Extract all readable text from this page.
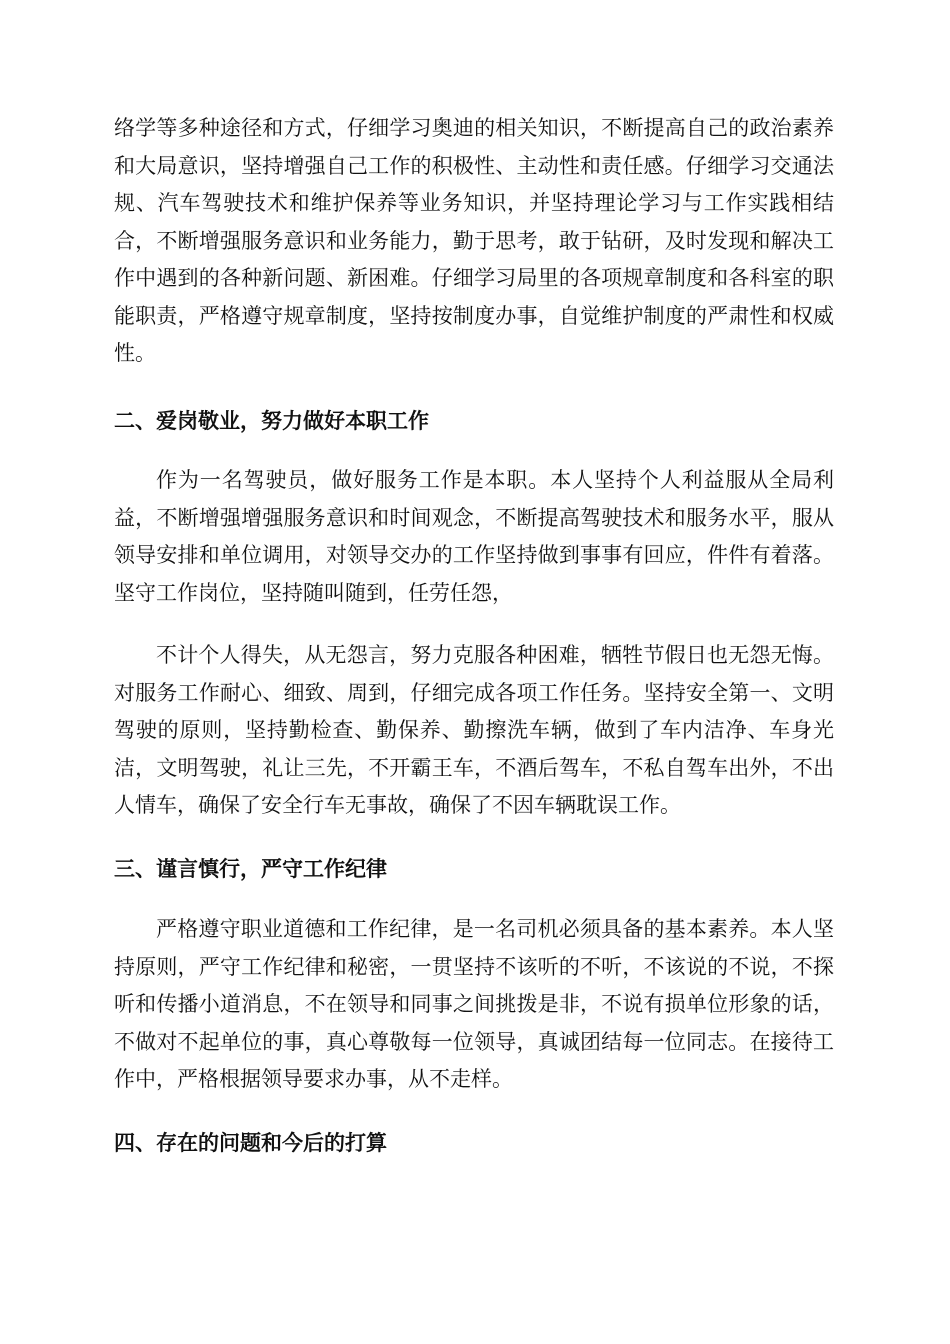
络学等多种途径和方式，仔细学习奥迪的相关知识，不断提高自己的政治素养和大局意识，坚持增强自己工作的积极性、主动性和责任感。仔细学习交通法规、汽车驾驶技术和维护保养等业务知识，并坚持理论学习与工作实践相结合，不断增强服务意识和业务能力，勤于思考，敢于钻研，及时发现和解决工作中遇到的各种新问题、新困难。仔细学习局里的各项规章制度和各科室的职能职责，严格遵守规章制度，坚持按制度办事，自觉维护制度的严肃性和权威性。

二、爱岗敬业，努力做好本职工作

作为一名驾驶员，做好服务工作是本职。本人坚持个人利益服从全局利益，不断增强增强服务意识和时间观念，不断提高驾驶技术和服务水平，服从领导安排和单位调用，对领导交办的工作坚持做到事事有回应，件件有着落。坚守工作岗位，坚持随叫随到，任劳任怨，

不计个人得失，从无怨言，努力克服各种困难，牺牲节假日也无怨无悔。对服务工作耐心、细致、周到，仔细完成各项工作任务。坚持安全第一、文明驾驶的原则，坚持勤检查、勤保养、勤擦洗车辆，做到了车内洁净、车身光洁，文明驾驶，礼让三先，不开霸王车，不酒后驾车，不私自驾车出外，不出人情车，确保了安全行车无事故，确保了不因车辆耽误工作。

三、谨言慎行，严守工作纪律

严格遵守职业道德和工作纪律，是一名司机必须具备的基本素养。本人坚持原则，严守工作纪律和秘密，一贯坚持不该听的不听，不该说的不说，不探听和传播小道消息，不在领导和同事之间挑拨是非，不说有损单位形象的话，不做对不起单位的事，真心尊敬每一位领导，真诚团结每一位同志。在接待工作中，严格根据领导要求办事，从不走样。

四、存在的问题和今后的打算
